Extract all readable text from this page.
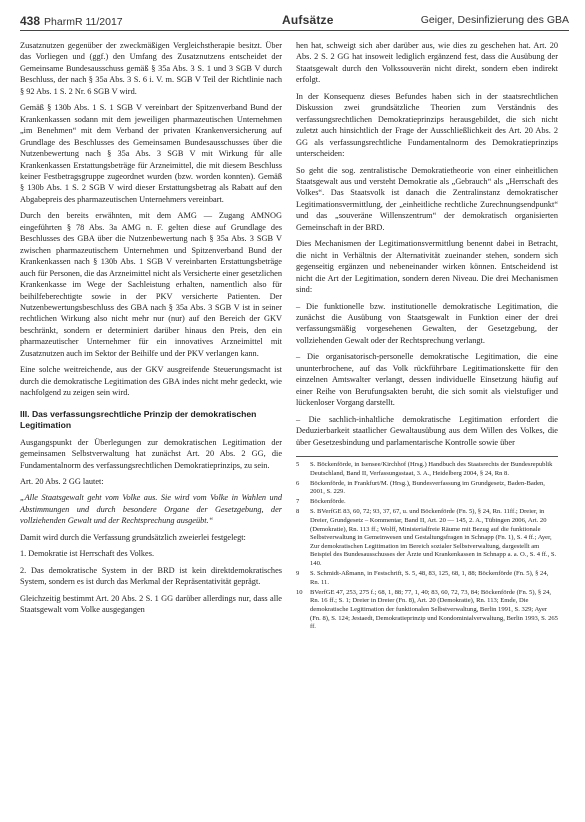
438 PharmR 11/2017	Aufsätze	Geiger, Desinfizierung des GBA

Zusatznutzen gegenüber der zweckmäßigen Vergleichstherapie besitzt. Über das Vorliegen und (ggf.) den Umfang des Zusatznutzens entscheidet der Gemeinsame Bundesausschuss gemäß § 35a Abs. 3 S. 1 und 3 SGB V durch Beschluss, der nach § 35a Abs. 3 S. 6 i. V. m. SGB V Teil der Richtlinie nach § 92 Abs. 1 S. 2 Nr. 6 SGB V wird.

Gemäß § 130b Abs. 1 S. 1 SGB V vereinbart der Spitzenverband Bund der Krankenkassen sodann mit dem jeweiligen pharmazeutischen Unternehmen „im Benehmen“ mit dem Verband der privaten Krankenversicherung auf Grundlage des Beschlusses des Gemeinsamen Bundesausschusses über die Nutzenbewertung nach § 35a Abs. 3 SGB V mit Wirkung für alle Krankenkassen Erstattungsbeträge für Arzneimittel, die mit diesem Beschluss keiner Festbetragsgruppe zugeordnet wurden (bzw. worden konnten). Gemäß § 130b Abs. 1 S. 2 SGB V wird dieser Erstattungsbetrag als Rabatt auf den Abgabepreis des pharmazeutischen Unternehmers vereinbart.

Durch den bereits erwähnten, mit dem AMG — Zugang AMNOG eingeführten § 78 Abs. 3a AMG n. F. gelten diese auf Grundlage des Beschlusses des GBA über die Nutzenbewertung nach § 35a Abs. 3 SGB V zwischen pharmazeutischem Unternehmen und Spitzenverband Bund der Krankenkassen nach § 130b Abs. 1 SGB V vereinbarten Erstattungsbeträge auch für Personen, die das Arzneimittel nicht als Versicherte einer gesetzlichen Krankenkasse im Wege der Sachleistung erhalten, namentlich also für beihilfeberechtigte sowie in der PKV versicherte Patienten. Der Nutzenbewertungsbeschluss des GBA nach § 35a Abs. 3 SGB V ist in seiner rechtlichen Wirkung also nicht mehr nur (nur) auf den Bereich der GKV beschränkt, sondern er determiniert darüber hinaus den Preis, den ein pharmazeutischer Unternehmer für ein innovatives Arzneimittel mit Zusatznutzen auch im Sektor der Beihilfe und der PKV verlangen kann.

Eine solche weitreichende, aus der GKV ausgreifende Steuerungsmacht ist durch die demokratische Legitimation des GBA indes nicht mehr gedeckt, wie nachfolgend zu zeigen sein wird.

III. Das verfassungsrechtliche Prinzip der demokratischen Legitimation

Ausgangspunkt der Überlegungen zur demokratischen Legitimation der gemeinsamen Selbstverwaltung hat zunächst Art. 20 Abs. 2 GG, die Fundamentalnorm des verfassungsrechtlichen Demokratieprinzips, zu sein.

Art. 20 Abs. 2 GG lautet:

„Alle Staatsgewalt geht vom Volke aus. Sie wird vom Volke in Wahlen und Abstimmungen und durch besondere Organe der Gesetzgebung, der vollziehenden Gewalt und der Rechtsprechung ausgeübt.“

Damit wird durch die Verfassung grundsätzlich zweierlei festgelegt:

1. Demokratie ist Herrschaft des Volkes.

2. Das demokratische System in der BRD ist kein direktdemokratisches System, sondern es ist durch das Merkmal der Repräsentativität geprägt.

Gleichzeitig bestimmt Art. 20 Abs. 2 S. 1 GG darüber allerdings nur, dass alle Staatsgewalt vom Volke ausgegangen

hen hat, schweigt sich aber darüber aus, wie dies zu geschehen hat. Art. 20 Abs. 2 S. 2 GG hat insoweit lediglich ergänzend fest, dass die Ausübung der Staatsgewalt durch den Volkssouverän nicht direkt, sondern eben indirekt erfolgt.

In der Konsequenz dieses Befundes haben sich in der staatsrechtlichen Diskussion zwei grundsätzliche Theorien zum Verständnis des verfassungsrechtlichen Demokratieprinzips herausgebildet, die sich nicht zuletzt auch hinsichtlich der Frage der Ausschließlichkeit des Art. 20 Abs. 2 GG als verfassungsrechtliche Fundamentalnorm des Demokratieprinzips unterscheiden:

So geht die sog. zentralistische Demokratietheorie von einer einheitlichen Staatsgewalt aus und versteht Demokratie als „Gebrauch“ als „Herrschaft des Volkes“. Das Staatsvolk ist danach die Zentralinstanz demokratischer Legitimationsvermittlung, der „einheitliche rechtliche Zurechnungsendpunkt“ und das „souveräne Willenszentrum“ der demokratisch organisierten Gemeinschaft in der BRD.

Dies Mechanismen der Legitimationsvermittlung benennt dabei in Betracht, die nicht in Verhältnis der Alternativität zueinander stehen, sondern sich gegenseitig ergänzen und nebeneinander wirken können. Entscheidend ist nicht die Art der Legitimation, sondern deren Niveau. Die drei Mechanismen sind:

– Die funktionelle bzw. institutionelle demokratische Legitimation, die zunächst die Ausübung von Staatsgewalt in Funktion einer der drei verfassungsmäßig vorgesehenen Gewalten, der Gesetzgebung, der vollziehenden Gewalt oder der Rechtsprechung verlangt.

– Die organisatorisch-personelle demokratische Legitimation, die eine ununterbrochene, auf das Volk rückführbare Legitimationskette für den einzelnen Amtswalter verlangt, dessen individuelle Einsetzung häufig auf einer Reihe von Berufungsakten beruht, die sich somit als vielstufiger und lückenloser Vorgang darstellt.

– Die sachlich-inhaltliche demokratische Legitimation erfordert die Deduzierbarkeit staatlicher Gewaltausübung aus dem Willen des Volkes, die über Gesetzesbindung und parlamentarische Kontrolle sowie über

5	S. Böckenförde, in Isensee/Kirchhof (Hrsg.) Handbuch des Staatsrechts der Bundesrepublik Deutschland, Band II, Verfassungsstaat, 3. A., Heidelberg 2004, § 24, Rn 8.
6	Böckenförde, in Frankfurt/M. (Hrsg.), Bundesverfassung im Grundgesetz, Baden-Baden, 2001, S. 229.
7	Böckenförde.
8	S. BVerfGE 83, 60, 72; 93, 37, 67, u. und Böckenförde (Fn. 5), § 24, Rn. 11ff.; Dreier, in Dreier, Grundgesetz – Kommentar, Band II, Art. 20 — 145, 2. A., Tübingen 2006, Art. 20 (Demokratie), Rn. 113 ff.; Wolff, Ministerialfreie Räume mit Bezug auf die funktionale Selbstverwaltung in Gemeinwesen und Gestaltungsfragen in Schnapp (Fn. 1), S. 4 ff.; Ayer, Zur demokratischen Legitimation im Bereich sozialer Selbstverwaltung, dargestellt am Beispiel des Bundesausschusses der Ärzte und Krankenkassen in Schnapp a. a. O., S. 4 ff., S. 140.
9	S. Schmidt-Aßmann, in Festschrift, S. 5, 48, 83, 125, 68, 1, 88; Böckenförde (Fn. 5), § 24, Rn. 11.
10	BVerfGE 47, 253, 275 f.; 68, 1, 88; 77, 1, 40; 83, 60, 72, 73, 84; Böckenförde (Fn. 5), § 24, Rn. 16 ff.; S. 1; Dreier in Dreier (Fn. 8), Art. 20 (Demokratie), Rn. 113; Emde, Die demokratische Legitimation der funktionalen Selbstverwaltung, Berlin 1991, S. 329; Ayer (Fn. 8), S. 124; Jestaedt, Demokratieprinzip und Kondominialverwaltung, Berlin 1993, S. 265 ff.
